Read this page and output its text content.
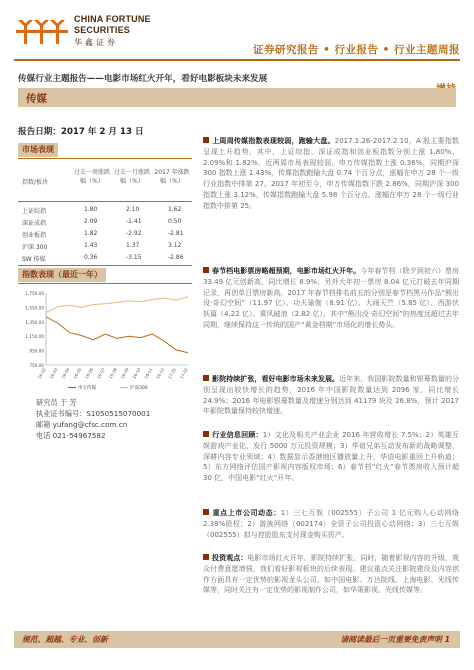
CHINA FORTUNE
SECURITIES
华鑫证券
证券研究报告 • 行业报告 • 行业主题周报
传媒行业主题报告——电影市场红火开年，看好电影板块未来发展
传媒
报告日期：2017 年 2 月 13 日
市场表现
指数/板块
过去一周涨跌幅（%）
过去一月涨跌幅（%）
2017 年涨跌幅（%）
上证综指	1.80	2.10	1.62
深证成指	2.09	-1.41	0.50
创业板指	1.82	-2.92	-2.81
沪深 300	1.43	1.37	3.12
SW 传媒	0.36	-3.15	-2.86
指数表现（最近一年）
1,750.00
1,550.00
1,350.00
1,150.00
950.00
750.00
16-02 16-03 16-04 16-05 16-06 16-07 16-08 16-09 16-10 16-11 16-12 17-01 17-02
申万传媒	沪深300
研究员 于 芳
执业证书编号：S1050515070001
邮箱 yufang@cfsc.com.cn
电话 021-54967582
上周周传媒指数表现较弱，跑输大盘。2017.1.26-2017.2.10，A 股主要指数呈现上升趋势，其中，上证综指、深证成指和创业板指数分别上涨 1.80%、2.09%和 1.82%，近两周市场表现较弱，申万传媒指数上涨 0.36%，同期沪深 300 指数上涨 1.43%，传媒指数跑输大盘 0.74 个百分点，涨幅在申万 28 个一级行业指数中排第 27。2017 年初至今，申万传媒指数下跌 2.86%，同期沪深 300 指数上涨 3.12%，传媒指数跑输大盘 5.98 个百分点，涨幅在申万 28 个一级行业指数中排第 25。
春节档电影票房略超预期，电影市场红火开年。今年春节档（除夕到初六）票房 33.49 亿元创新高，同比增长 8.9%，另外大年初一票房 8.04 亿元打破去年同期记录，再创单日票房新高。2017 年春节档排名前五的分别是春节档黑马作品“熊出没·奇幻空间”（11.97 亿）、功夫瑜伽（8.91 亿）、大闹天竺（5.85 亿）、西游伏妖篇（4.22 亿）、乘风破浪（2.82 亿），其中“熊出没·奇幻空间”的热度远超过去年同期，继续保持这一传统的国产“黄金档期”市场化的增长势头。
影院持续扩张，看好电影市场未来发展。近年来，我国影院数量和银幕数量的分别呈现出较快增长的趋势，2016 年中国影院数量达到 2096 家，同比增长 24.9%；2016 年电影银幕数量及增速分别达到 41179 块及 26.8%，预计 2017 年影院数量保持较快增速。
行业信息回顾：1）文化及相关产业企业 2016 年营收增长 7.5%；2）英雄互娱游戏产业化，发行 5000 万元投资规模；3）华谊兄弟互动发布新的战略调整，深耕内容专业领域；4）数据显示香港地区播放量上升，华语电影重回上升轨道；5）东方网络评估国产影视内容版权市场；6）春节档“红火”春节票房收入预计超 30 亿，中国电影“红火”开年。
重点上市公司动态：1）三七互娱（002555）子公司 1 亿元购入心动网络 2.38%股权；2）游族网络（002174）全资子公司投资心动网络；3）三七互娱（002555）拟与控股股东支付现金购买资产。
投资观点：电影市场红火开年，影院持续扩张，同时，随着影视内容的升级，观众付费意愿增强，我们看好影视板块的后续表现。建议重点关注影院建设及内容创作方面具有一定优势的影视龙头公司，如中国电影、万达院线、上海电影、光线传媒等，同时关注有一定优势的影视制作公司，如华策影视、光线传媒等。
规范、超越、专业、创新	请阅读最后一页重要免责声明 1
